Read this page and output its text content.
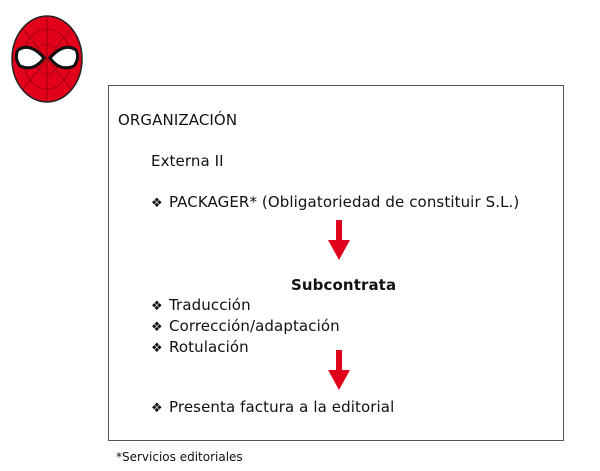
ORGANIZACIÓN
Externa II
❖ PACKAGER* (Obligatoriedad de constituir S.L.)
Subcontrata
❖ Traducción
❖ Corrección/adaptación
❖ Rotulación
❖ Presenta factura a la editorial
*Servicios editoriales
